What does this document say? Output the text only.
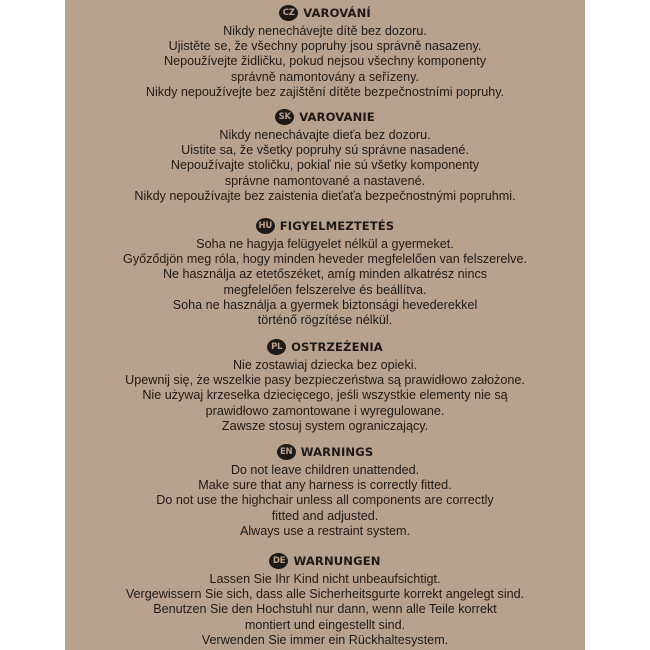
CZ VAROVÁNÍ
Nikdy nenechávejte dítě bez dozoru.
Ujistěte se, že všechny popruhy jsou správně nasazeny.
Nepoužívejte židličku, pokud nejsou všechny komponenty
správně namontovány a seřízeny.
Nikdy nepoužívejte bez zajištění dítěte bezpečnostními popruhy.
SK VAROVANIE
Nikdy nenechávajte dieťa bez dozoru.
Uistite sa, že všetky popruhy sú správne nasadené.
Nepoužívajte stoličku, pokiaľ nie sú všetky komponenty
správne namontované a nastavené.
Nikdy nepoužívajte bez zaistenia dieťaťa bezpečnostnými popruhmi.
HU FIGYELMEZTETÉS
Soha ne hagyja felügyelet nélkül a gyermeket.
Győződjön meg róla, hogy minden heveder megfelelően van felszerelve.
Ne használja az etetőszéket, amíg minden alkatrész nincs
megfelelően felszerelve és beállítva.
Soha ne használja a gyermek biztonsági hevederekkel
történő rögzítése nélkül.
PL OSTRZEŻENIA
Nie zostawiaj dziecka bez opieki.
Upewnij się, że wszelkie pasy bezpieczeństwa są prawidłowo założone.
Nie używaj krzesełka dziecięcego, jeśli wszystkie elementy nie są
prawidłowo zamontowane i wyregulowane.
Zawsze stosuj system ograniczający.
EN WARNINGS
Do not leave children unattended.
Make sure that any harness is correctly fitted.
Do not use the highchair unless all components are correctly
fitted and adjusted.
Always use a restraint system.
DE WARNUNGEN
Lassen Sie Ihr Kind nicht unbeaufsichtigt.
Vergewissern Sie sich, dass alle Sicherheitsgurte korrekt angelegt sind.
Benutzen Sie den Hochstuhl nur dann, wenn alle Teile korrekt
montiert und eingestellt sind.
Verwenden Sie immer ein Rückhaltesystem.
